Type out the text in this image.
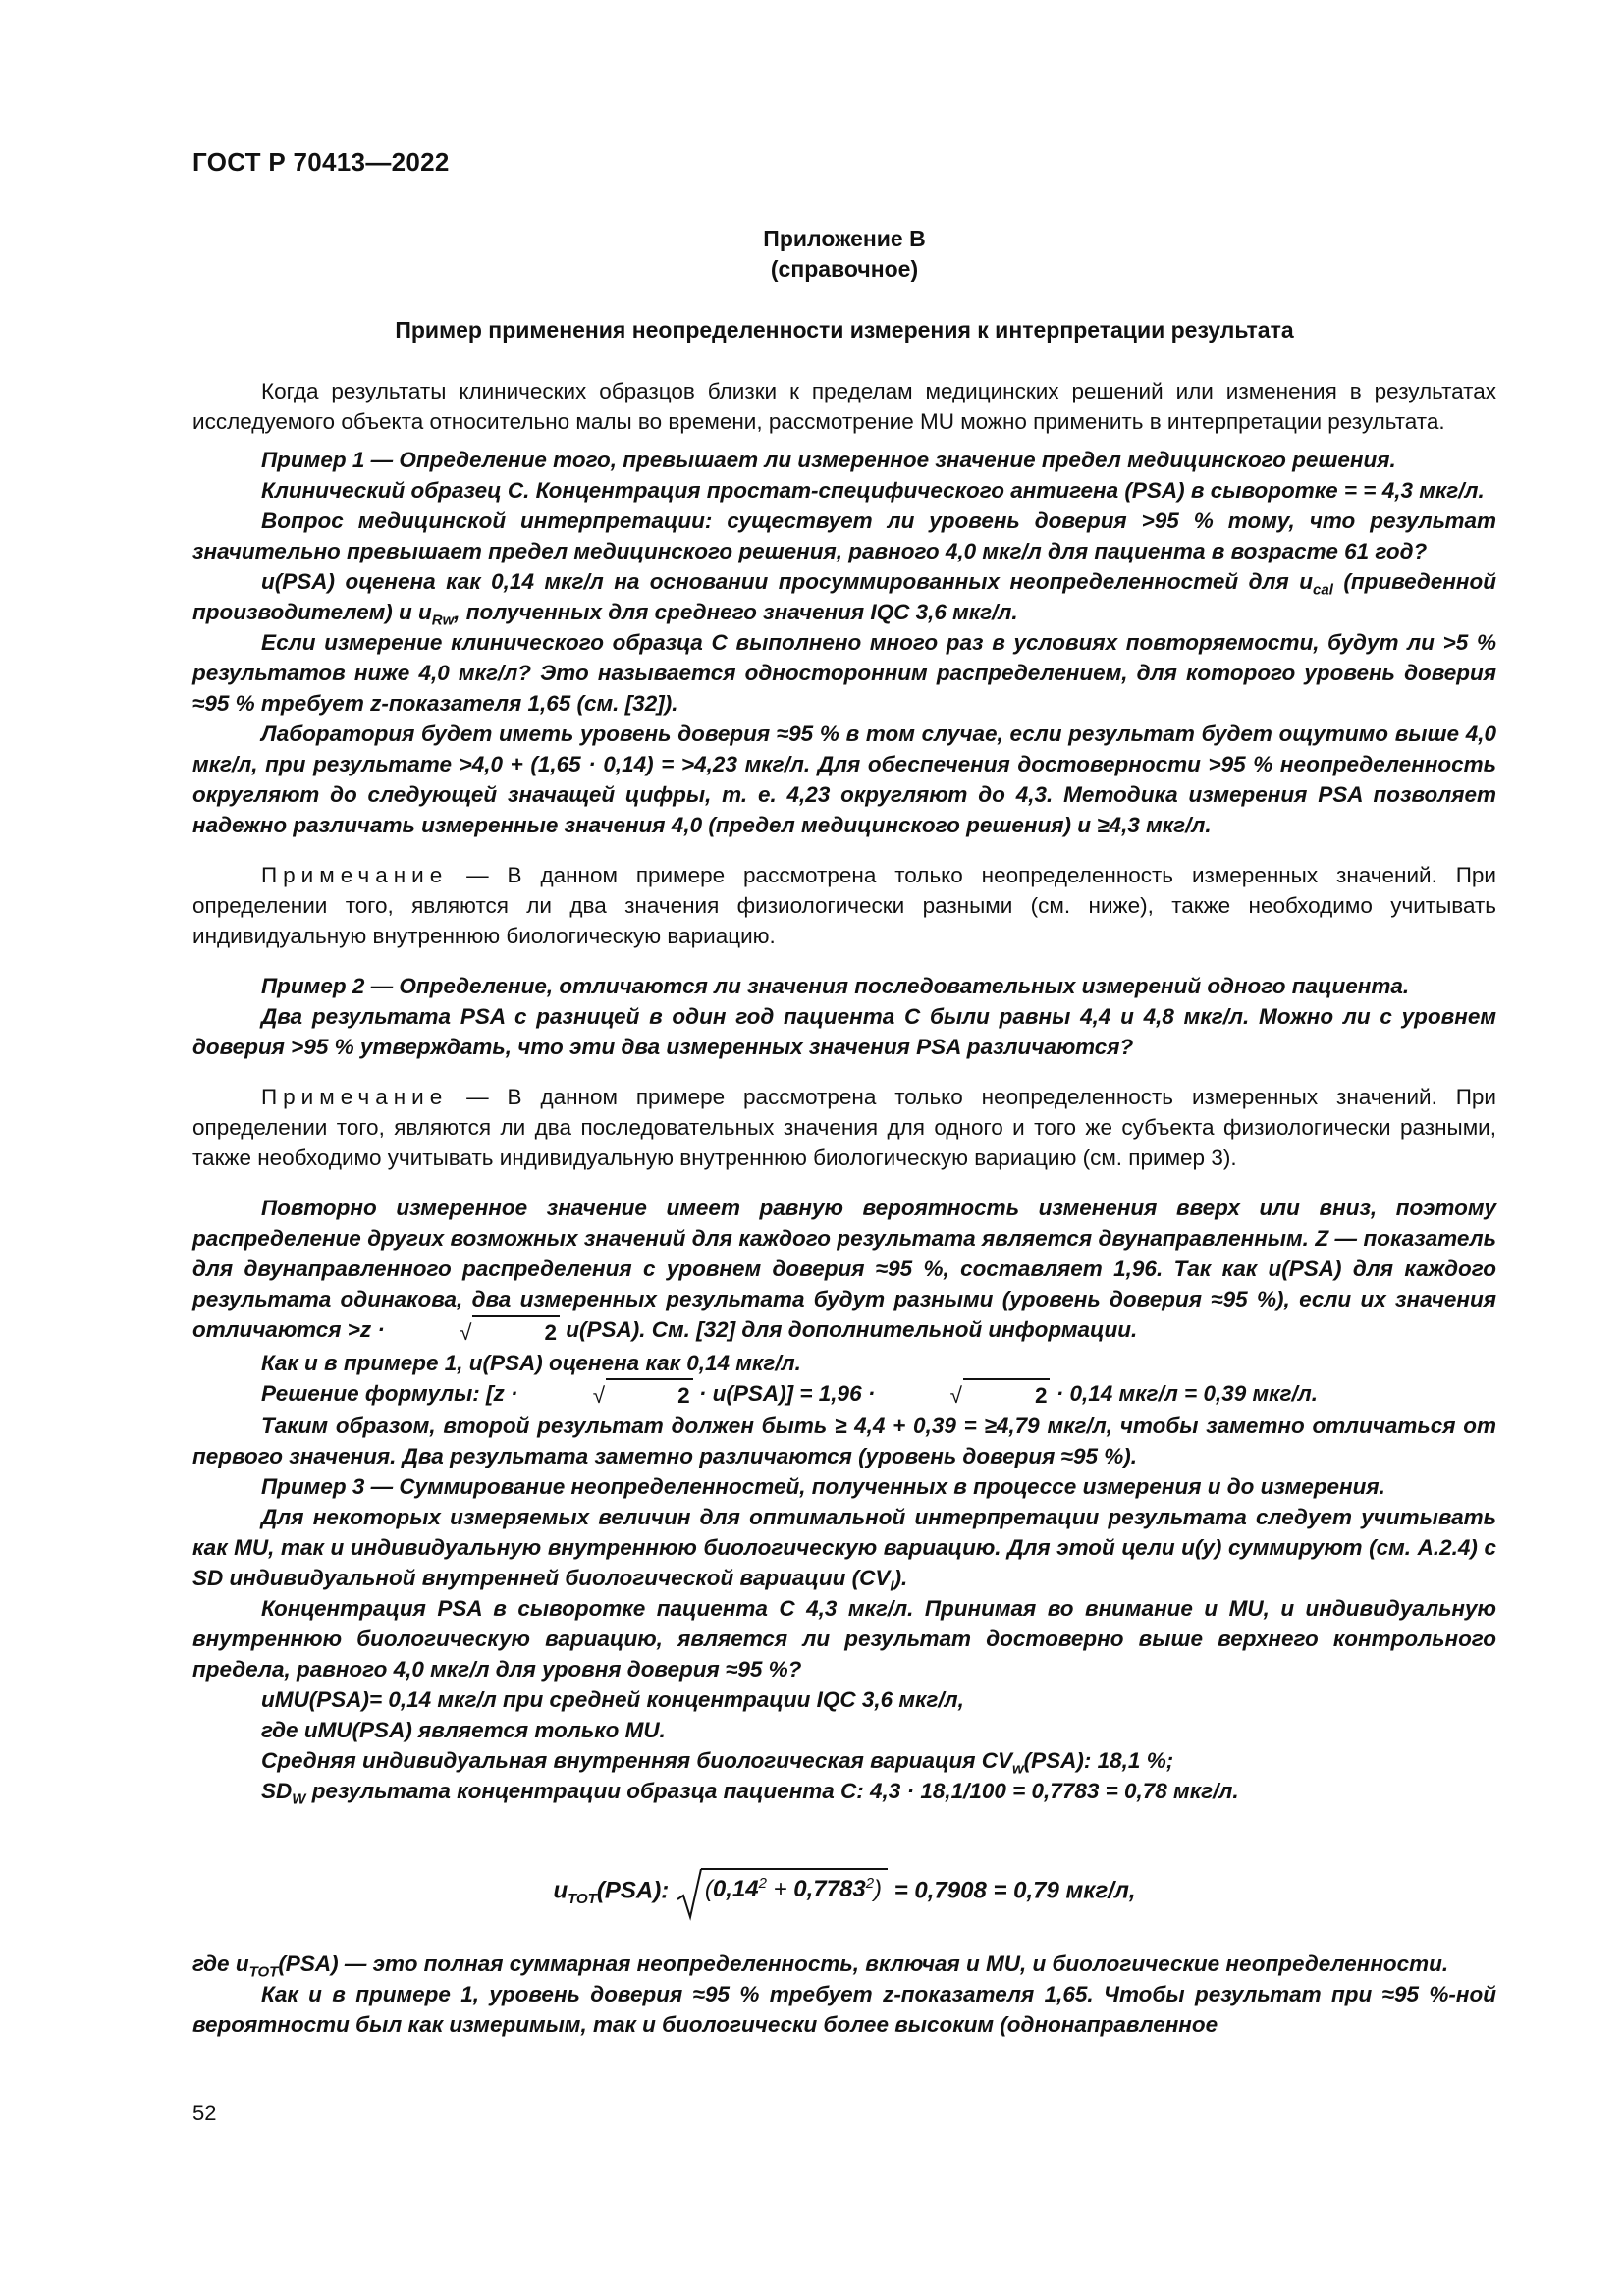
ГОСТ Р 70413—2022
Приложение В
(справочное)
Пример применения неопределенности измерения к интерпретации результата

Когда результаты клинических образцов близки к пределам медицинских решений или изменения в результатах исследуемого объекта относительно малы во времени, рассмотрение MU можно применить в интерпретации результата.

Пример 1 — Определение того, превышает ли измеренное значение предел медицинского решения.

Клинический образец С. Концентрация простат-специфического антигена (PSA) в сыворотке = = 4,3 мкг/л.

Вопрос медицинской интерпретации: существует ли уровень доверия >95 % тому, что результат значительно превышает предел медицинского решения, равного 4,0 мкг/л для пациента в возрасте 61 год?

u(PSA) оценена как 0,14 мкг/л на основании просуммированных неопределенностей для $u_{cal}$ (приведенной производителем) и $u_{Rw}$, полученных для среднего значения IQC 3,6 мкг/л.

Если измерение клинического образца С выполнено много раз в условиях повторяемости, будут ли >5 % результатов ниже 4,0 мкг/л? Это называется односторонним распределением, для которого уровень доверия ≈95 % требует z-показателя 1,65 (см. [32]).

Лаборатория будет иметь уровень доверия ≈95 % в том случае, если результат будет ощутимо выше 4,0 мкг/л, при результате >4,0 + (1,65 · 0,14) = >4,23 мкг/л. Для обеспечения достоверности >95 % неопределенность округляют до следующей значащей цифры, т. е. 4,23 округляют до 4,3. Методика измерения PSA позволяет надежно различать измеренные значения 4,0 (предел медицинского решения) и ≥4,3 мкг/л.

Примечание — В данном примере рассмотрена только неопределенность измеренных значений. При определении того, являются ли два значения физиологически разными (см. ниже), также необходимо учитывать индивидуальную внутреннюю биологическую вариацию.

Пример 2 — Определение, отличаются ли значения последовательных измерений одного пациента.

Два результата PSA с разницей в один год пациента С были равны 4,4 и 4,8 мкг/л. Можно ли с уровнем доверия >95 % утверждать, что эти два измеренных значения PSA различаются?

Примечание — В данном примере рассмотрена только неопределенность измеренных значений. При определении того, являются ли два последовательных значения для одного и того же субъекта физиологически разными, также необходимо учитывать индивидуальную внутреннюю биологическую вариацию (см. пример 3).

Повторно измеренное значение имеет равную вероятность изменения вверх или вниз, поэтому распределение других возможных значений для каждого результата является двунаправленным. Z — показатель для двунаправленного распределения с уровнем доверия ≈95 %, составляет 1,96. Так как u(PSA) для каждого результата одинакова, два измеренных результата будут разными (уровень доверия ≈95 %), если их значения отличаются >z ·	√	2 u(PSA). См. [32] для дополнительной информации.

Как и в примере 1, u(PSA) оценена как 0,14 мкг/л.

Решение формулы: [z ·	√	2 · u(PSA)] = 1,96 ·	√	2 · 0,14 мкг/л = 0,39 мкг/л.

Таким образом, второй результат должен быть ≥ 4,4 + 0,39 = ≥4,79 мкг/л, чтобы заметно отличаться от первого значения. Два результата заметно различаются (уровень доверия ≈95 %).

Пример 3 — Суммирование неопределенностей, полученных в процессе измерения и до измерения.

Для некоторых измеряемых величин для оптимальной интерпретации результата следует учитывать как MU, так и индивидуальную внутреннюю биологическую вариацию. Для этой цели u(y) суммируют (см. А.2.4) с SD индивидуальной внутренней биологической вариации $(CV_I)$.

Концентрация PSA в сыворотке пациента С 4,3 мкг/л. Принимая во внимание и MU, и индивидуальную внутреннюю биологическую вариацию, является ли результат достоверно выше верхнего контрольного предела, равного 4,0 мкг/л для уровня доверия ≈95 %?

uMU(PSA)= 0,14 мкг/л при средней концентрации IQC 3,6 мкг/л,

где uMU(PSA) является только MU.

Средняя индивидуальная внутренняя биологическая вариация $CV_w(PSA)$: 18,1 %;

$SD_W$ результата концентрации образца пациента С: 4,3 · 18,1/100 = 0,7783 = 0,78 мкг/л.

$u_{TOT}(PSA)$: $(0,14^2 + 0,7783^2) = 0,7908 = 0,79$ мкг/л,

где $u_{TOT}(PSA)$ — это полная суммарная неопределенность, включая и MU, и биологические неопределенности.

Как и в примере 1, уровень доверия ≈95 % требует z-показателя 1,65. Чтобы результат при ≈95 %-ной вероятности был как измеримым, так и биологически более высоким (однонаправленное

52
